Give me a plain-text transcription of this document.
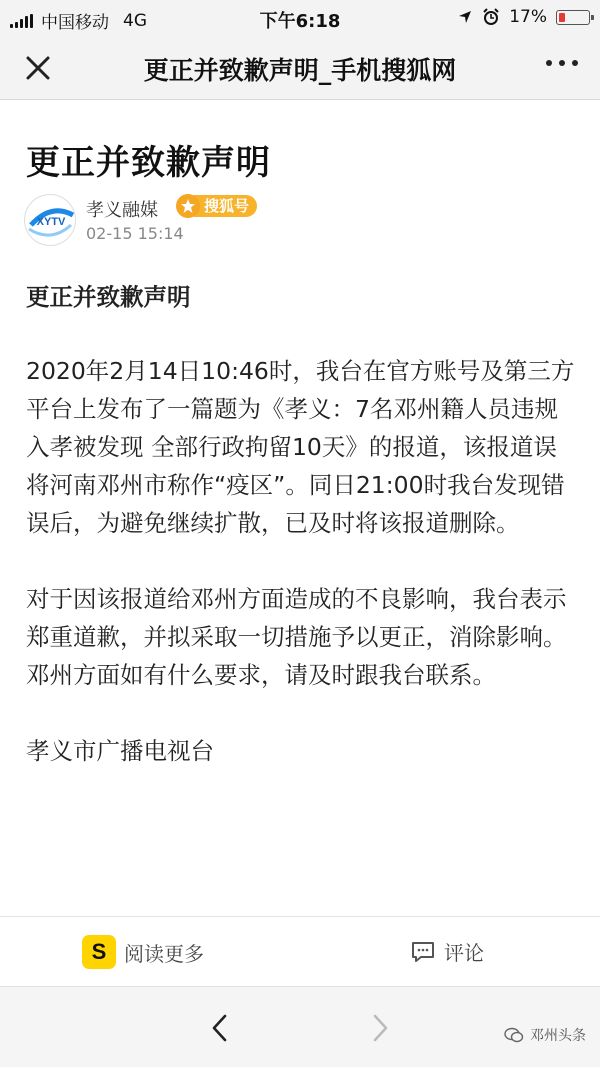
中国移动 4G	下午6:18	17%
更正并致歉声明_手机搜狐网
更正并致歉声明
XYTV
孝义融媒	搜狐号
02-15 15:14

更正并致歉声明

2020年2月14日10:46时，我台在官方账号及第三方平台上发布了一篇题为《孝义：7名邓州籍人员违规入孝被发现 全部行政拘留10天》的报道，该报道误将河南邓州市称作“疫区”。同日21:00时我台发现错误后，为避免继续扩散，已及时将该报道删除。

对于因该报道给邓州方面造成的不良影响，我台表示郑重道歉，并拟采取一切措施予以更正，消除影响。邓州方面如有什么要求，请及时跟我台联系。

孝义市广播电视台

S 阅读更多	评论
邓州头条
